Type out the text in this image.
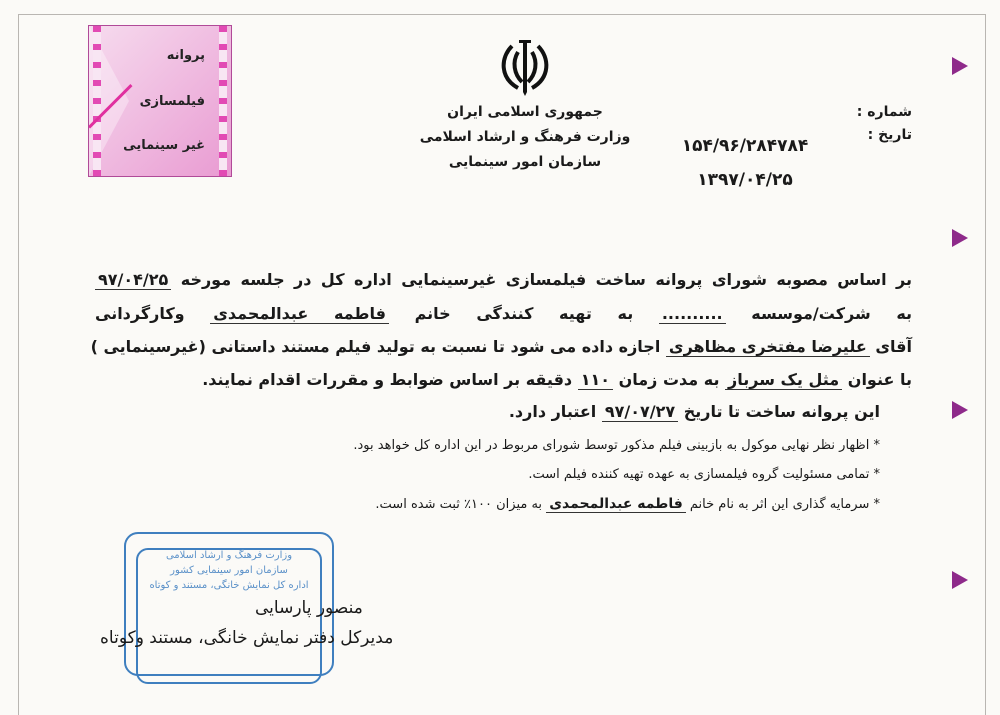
پروانه
فیلمسازی
غیر سینمایی
جمهوری اسلامی ایران
وزارت فرهنگ و ارشاد اسلامی
سازمان امور سینمایی
شماره :
تاریخ :
۱۵۴/۹۶/۲۸۴۷۸۴
۱۳۹۷/۰۴/۲۵
بر اساس مصوبه شورای پروانه ساخت فیلمسازی غیرسینمایی اداره کل در جلسه مورخه ۹۷/۰۴/۲۵
به شرکت/موسسه .......... به تهیه کنندگی خانم فاطمه عبدالمحمدی وکارگردانی
آقای علیرضا مفتخری مظاهری اجازه داده می شود تا نسبت به تولید فیلم مستند داستانی (غیرسینمایی )
با عنوان مثل یک سرباز به مدت زمان ۱۱۰ دقیقه بر اساس ضوابط و مقررات اقدام نمایند.
این پروانه ساخت تا تاریخ ۹۷/۰۷/۲۷ اعتبار دارد.
* اظهار نظر نهایی موکول به بازبینی فیلم مذکور توسط شورای مربوط در این اداره کل خواهد بود.
* تمامی مسئولیت گروه فیلمسازی به عهده تهیه کننده فیلم است.
* سرمایه گذاری این اثر به نام خانم فاطمه عبدالمحمدی به میزان ۱۰۰٪ ثبت شده است.
وزارت فرهنگ و ارشاد اسلامی
سازمان امور سینمایی کشور
اداره کل نمایش خانگی، مستند و کوتاه
منصور پارسایی
مدیرکل دفتر نمایش خانگی، مستند وکوتاه
